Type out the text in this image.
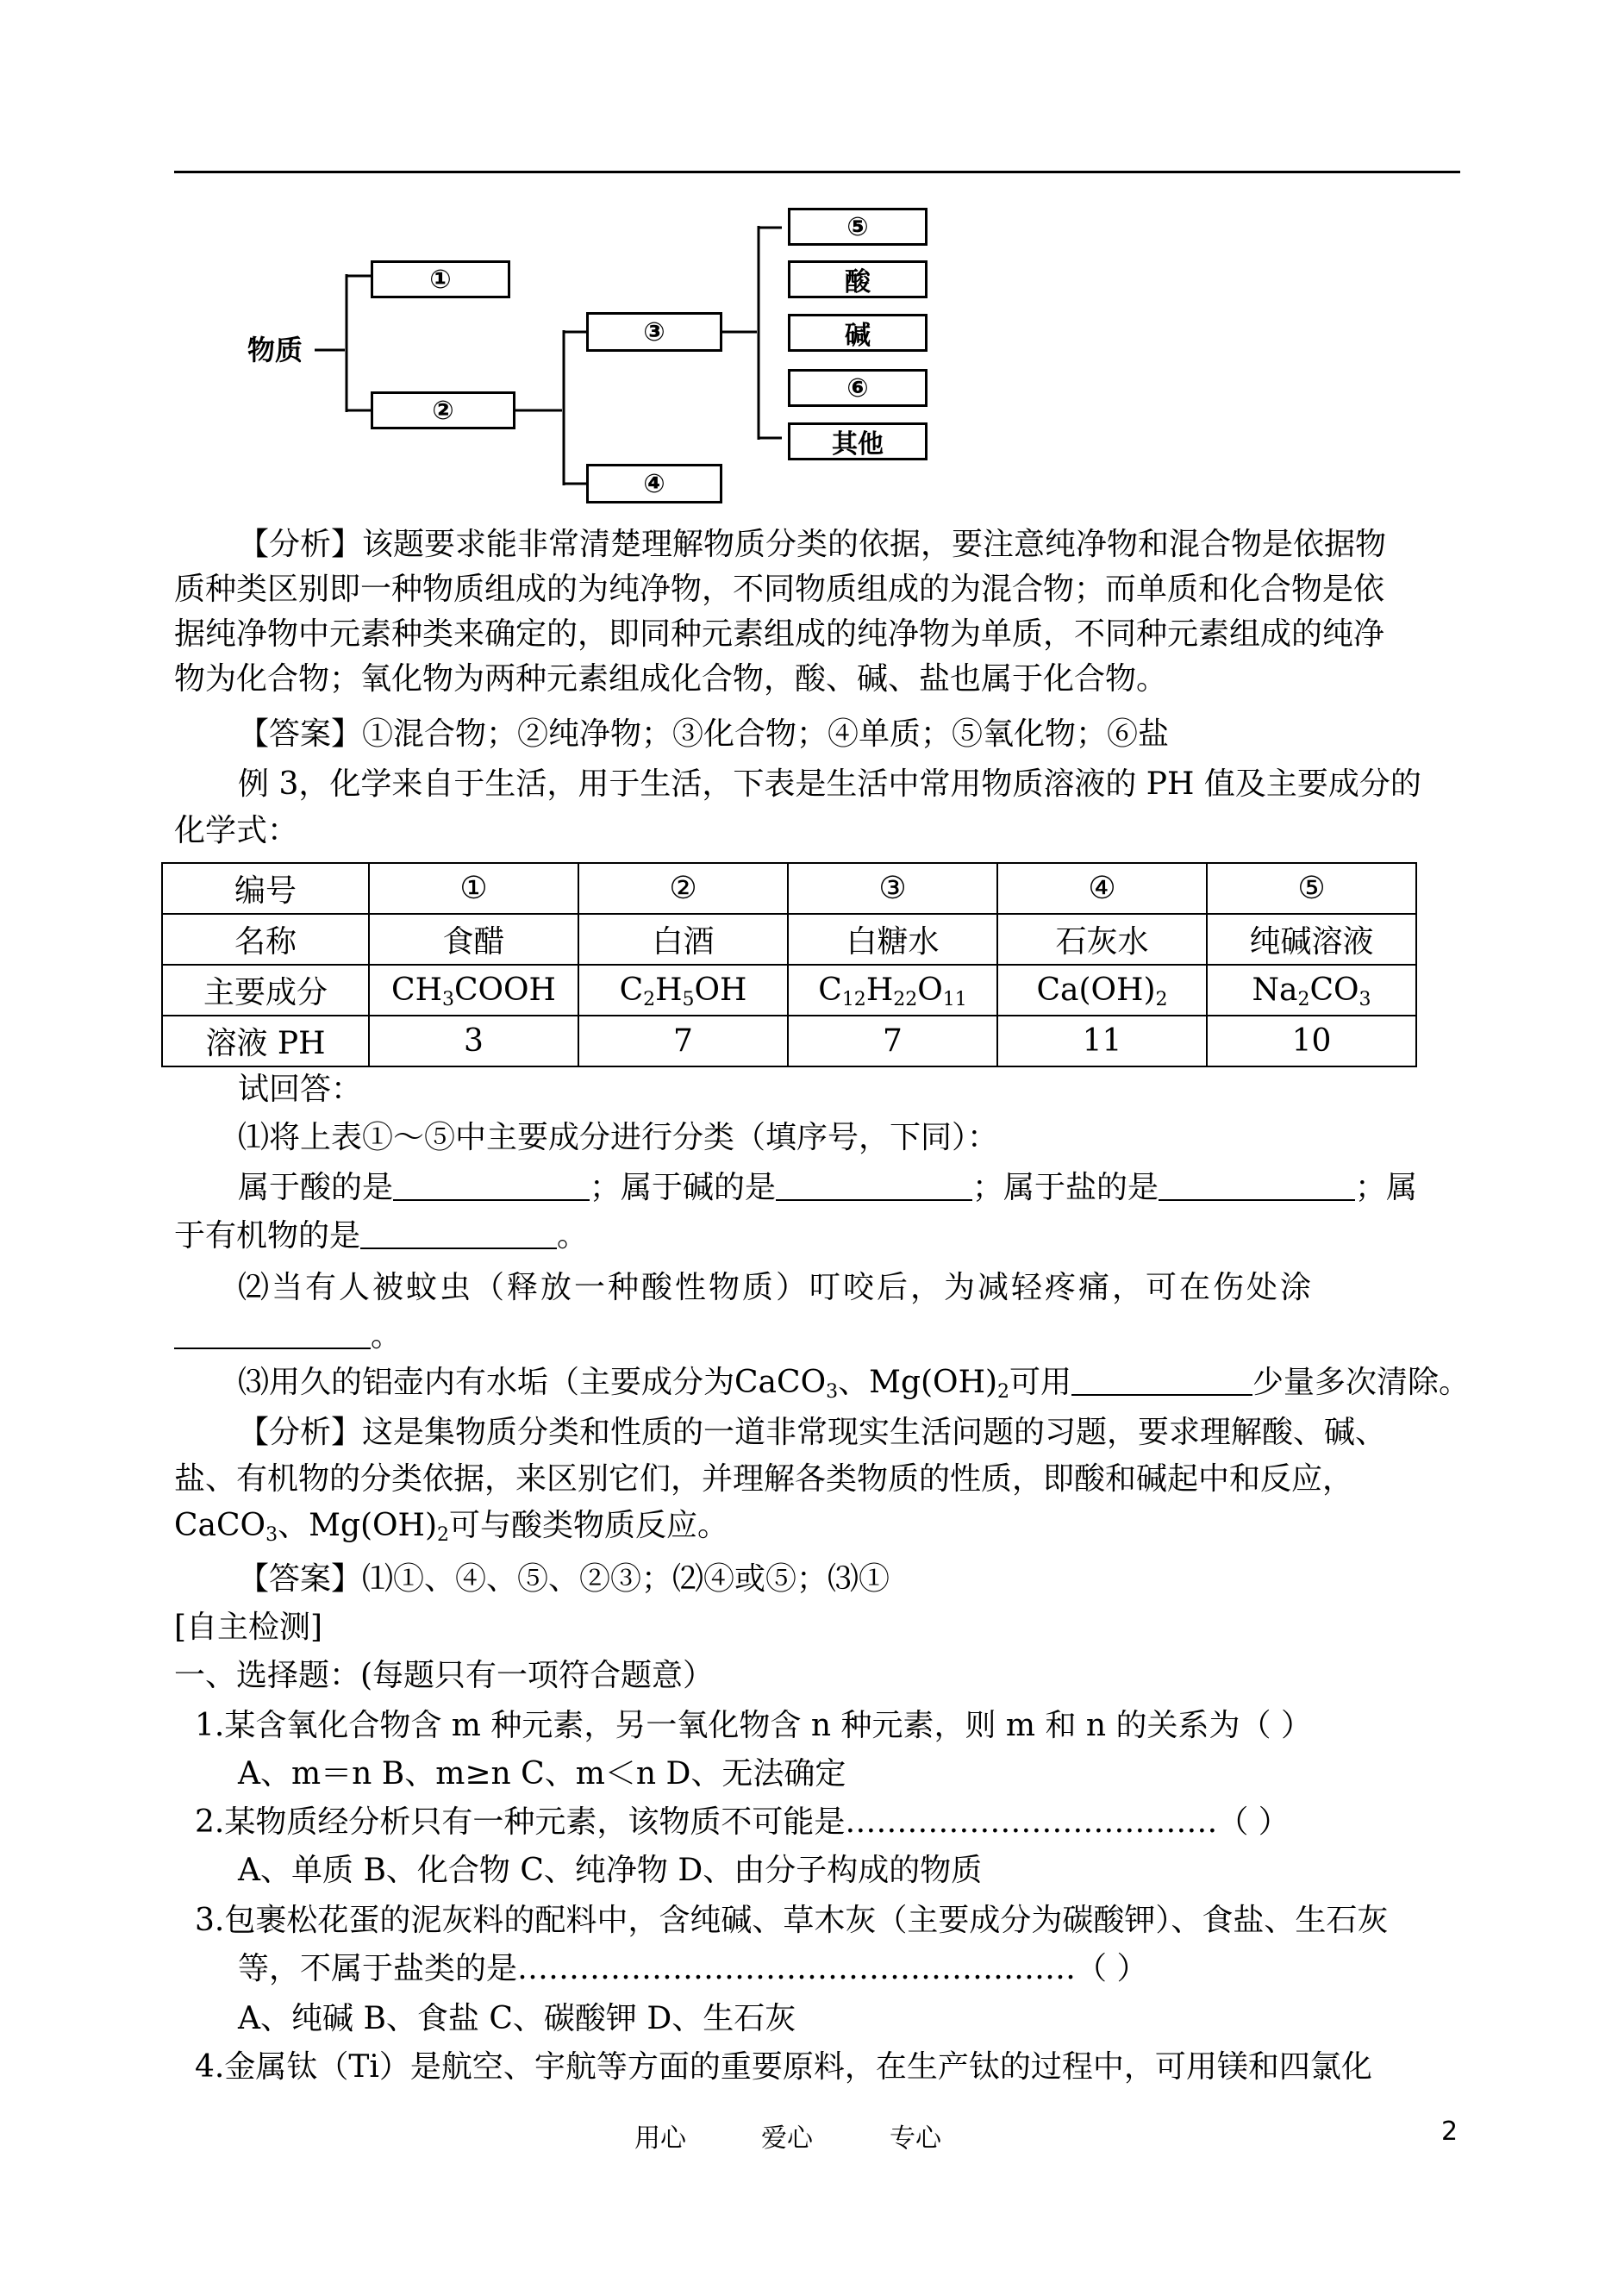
物质
①
②
③
④
⑤
酸
碱
⑥
其他
【分析】该题要求能非常清楚理解物质分类的依据，要注意纯净物和混合物是依据物
质种类区别即一种物质组成的为纯净物，不同物质组成的为混合物；而单质和化合物是依
据纯净物中元素种类来确定的，即同种元素组成的纯净物为单质，不同种元素组成的纯净
物为化合物；氧化物为两种元素组成化合物，酸、碱、盐也属于化合物。
【答案】①混合物；②纯净物；③化合物；④单质；⑤氧化物；⑥盐
例 3，化学来自于生活，用于生活，下表是生活中常用物质溶液的 PH 值及主要成分的
化学式：
编号	①	②	③	④	⑤
名称	食醋	白酒	白糖水	石灰水	纯碱溶液
主要成分	$CH_3COOH$	$C_2H_5OH$	$C_{12}H_{22}O_{11}$	$Ca(OH)_2$	$Na_2CO_3$
溶液 PH	3	7	7	11	10
试回答：
⑴将上表①～⑤中主要成分进行分类（填序号，下同）：
属于酸的是	；属于碱的是	；属于盐的是	；属
于有机物的是	。
⑵当有人被蚊虫（释放一种酸性物质）叮咬后，为减轻疼痛，可在伤处涂
。
⑶用久的铝壶内有水垢（主要成分为CaCO$_3$、$Mg(OH)_2$可用	少量多次清除。
【分析】这是集物质分类和性质的一道非常现实生活问题的习题，要求理解酸、碱、
盐、有机物的分类依据，来区别它们，并理解各类物质的性质，即酸和碱起中和反应，
CaCO$_3$、$Mg(OH)_2$可与酸类物质反应。
【答案】⑴①、④、⑤、②③；⑵④或⑤；⑶①
[自主检测]
一、选择题：(每题只有一项符合题意）
1.某含氧化合物含 m 种元素，另一氧化物含 n 种元素，则 m 和 n 的关系为（ ）
A、m＝n B、m≥n C、m＜n D、无法确定
2.某物质经分析只有一种元素，该物质不可能是………………………………（ ）
A、单质 B、化合物 C、纯净物 D、由分子构成的物质
3.包裹松花蛋的泥灰料的配料中，含纯碱、草木灰（主要成分为碳酸钾）、食盐、生石灰
等，不属于盐类的是………………………………………………（ ）
A、纯碱 B、食盐 C、碳酸钾 D、生石灰
4.金属钛（Ti）是航空、宇航等方面的重要原料，在生产钛的过程中，可用镁和四氯化
用心	爱心	专心	2
